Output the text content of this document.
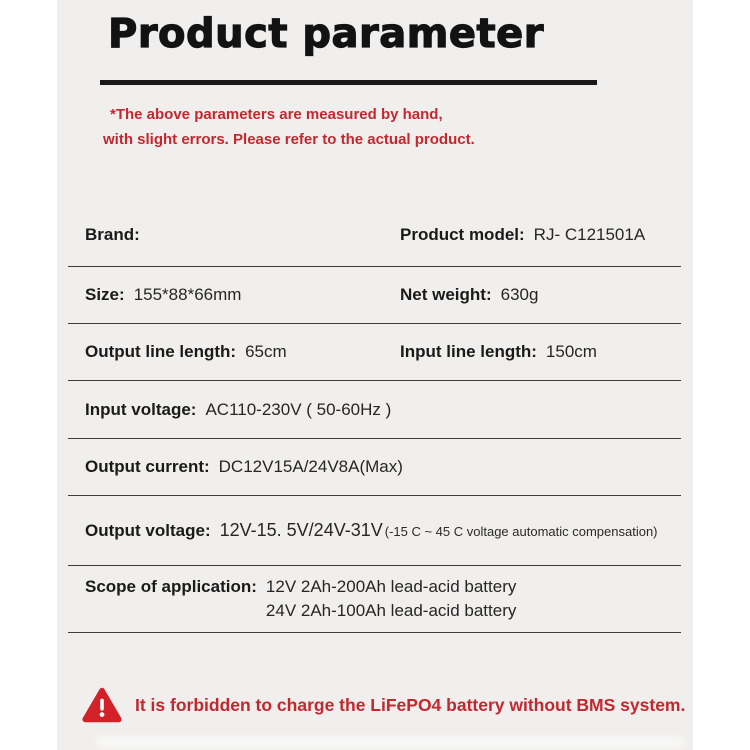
Product parameter
*The above parameters are measured by hand,
with slight errors. Please refer to the actual product.
Brand:	Product model: RJ- C121501A
Size: 155*88*66mm	Net weight: 630g
Output line length: 65cm	Input line length: 150cm
Input voltage: AC110-230V ( 50-60Hz )
Output current: DC12V15A/24V8A(Max)
Output voltage: 12V-15. 5V/24V-31V (-15 C ~ 45 C voltage automatic compensation)
Scope of application: 12V 2Ah-200Ah lead-acid battery
24V 2Ah-100Ah lead-acid battery
It is forbidden to charge the LiFePO4 battery without BMS system.
